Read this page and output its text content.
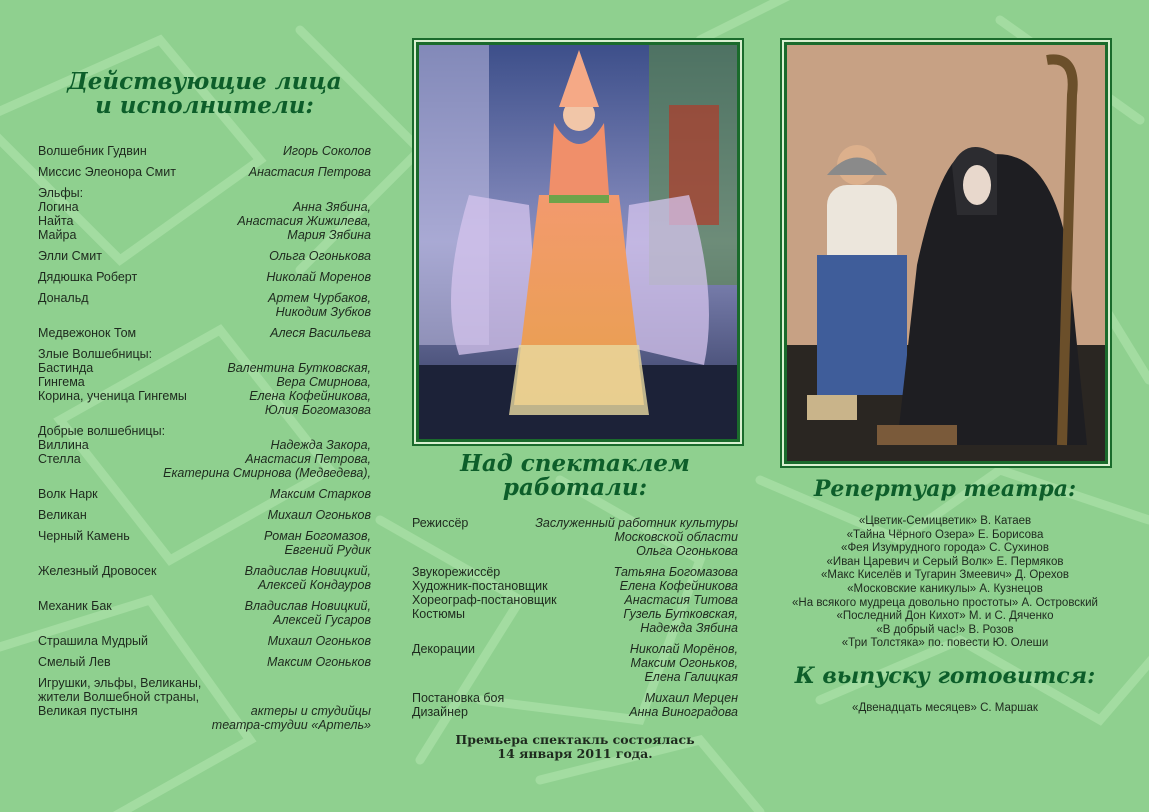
Действующие лица
и исполнители:
Волшебник Гудвин	Игорь Соколов
Миссис Элеонора Смит	Анастасия Петрова
Эльфы:
Логина	Анна Зябина,
Найта	Анастасия Жижилева,
Майра	Мария Зябина
Элли Смит	Ольга Огонькова
Дядюшка Роберт	Николай Моренов
Дональд	Артем Чурбаков,
Никодим Зубков
Медвежонок Том	Алеся Васильева
Злые Волшебницы:
Бастинда	Валентина Бутковская,
Гингема	Вера Смирнова,
Корина, ученица Гингемы	Елена Кофейникова,
Юлия Богомазова
Добрые волшебницы:
Виллина	Надежда Закора,
Стелла	Анастасия Петрова,
Екатерина Смирнова (Медведева),
Волк Нарк	Максим Старков
Великан	Михаил Огоньков
Черный Камень	Роман Богомазов,
Евгений Рудик
Железный Дровосек	Владислав Новицкий,
Алексей Кондауров
Механик Бак	Владислав Новицкий,
Алексей Гусаров
Страшила Мудрый	Михаил Огоньков
Смелый Лев	Максим Огоньков
Игрушки, эльфы, Великаны,
жители Волшебной страны,
Великая пустыня	актеры и студийцы
театра-студии «Артель»
Над спектаклем
работали:
Режиссёр	Заслуженный работник культуры
Московской области
Ольга Огонькова
Звукорежиссёр	Татьяна Богомазова
Художник-постановщик	Елена Кофейникова
Хореограф-постановщик	Анастасия Титова
Костюмы	Гузель Бутковская,
Надежда Зябина
Декорации	Николай Морёнов,
Максим Огоньков,
Елена Галицкая
Постановка боя	Михаил Мерцен
Дизайнер	Анна Виноградова
Премьера спектакль состоялась
14 января 2011 года.
Репертуар театра:
«Цветик-Семицветик» В. Катаев
«Тайна Чёрного Озера» Е. Борисова
«Фея Изумрудного города» С. Сухинов
«Иван Царевич и Серый Волк» Е. Пермяков
«Макс Киселёв и Тугарин Змеевич» Д. Орехов
«Московские каникулы» А. Кузнецов
«На всякого мудреца довольно простоты» А. Островский
«Последний Дон Кихот» М. и С. Дяченко
«В добрый час!» В. Розов
«Три Толстяка» по. повести Ю. Олеши
К выпуску готовится:
«Двенадцать месяцев» С. Маршак
